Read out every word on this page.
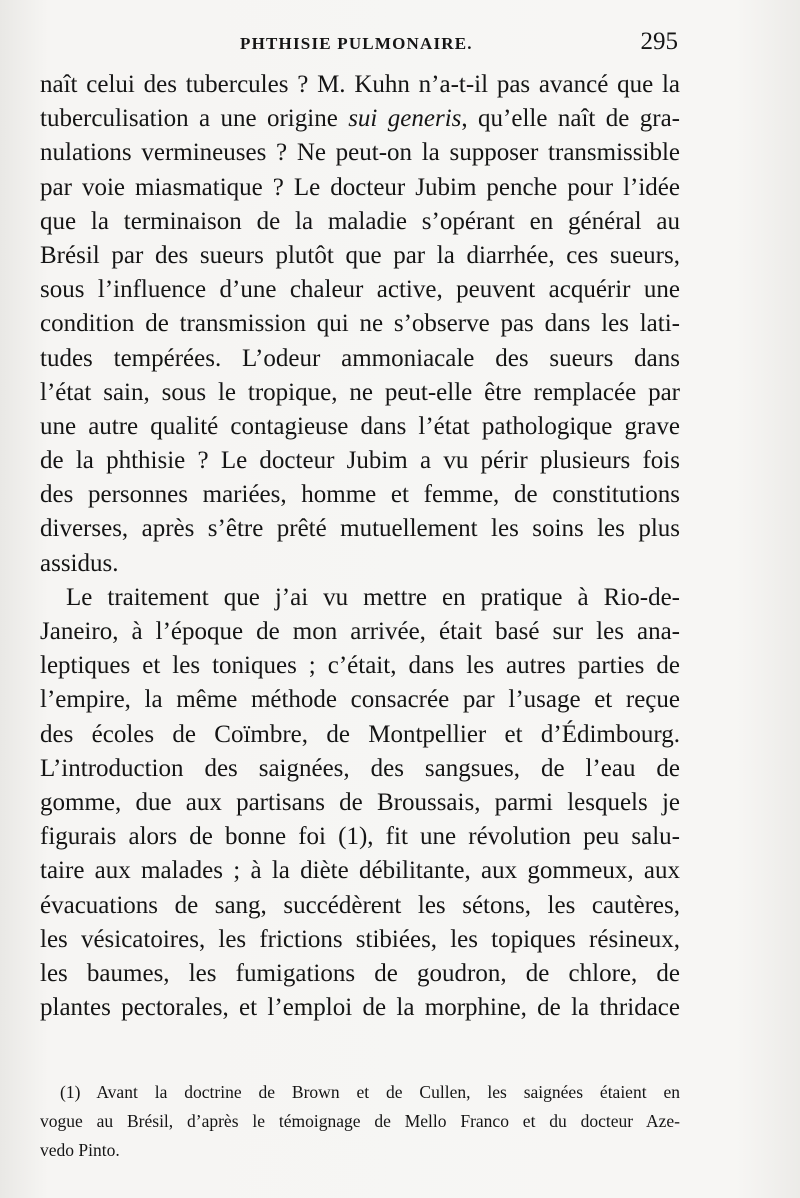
PHTHISIE PULMONAIRE.	295
naît celui des tubercules ? M. Kuhn n’a-t-il pas avancé que la
tuberculisation a une origine sui generis, qu’elle naît de gra-
nulations vermineuses ? Ne peut-on la supposer transmissible
par voie miasmatique ? Le docteur Jubim penche pour l’idée
que la terminaison de la maladie s’opérant en général au
Brésil par des sueurs plutôt que par la diarrhée, ces sueurs,
sous l’influence d’une chaleur active, peuvent acquérir une
condition de transmission qui ne s’observe pas dans les lati-
tudes tempérées. L’odeur ammoniacale des sueurs dans
l’état sain, sous le tropique, ne peut-elle être remplacée par
une autre qualité contagieuse dans l’état pathologique grave
de la phthisie ? Le docteur Jubim a vu périr plusieurs fois
des personnes mariées, homme et femme, de constitutions
diverses, après s’être prêté mutuellement les soins les plus
assidus.
Le traitement que j’ai vu mettre en pratique à Rio-de-
Janeiro, à l’époque de mon arrivée, était basé sur les ana-
leptiques et les toniques ; c’était, dans les autres parties de
l’empire, la même méthode consacrée par l’usage et reçue
des écoles de Coïmbre, de Montpellier et d’Édimbourg.
L’introduction des saignées, des sangsues, de l’eau de
gomme, due aux partisans de Broussais, parmi lesquels je
figurais alors de bonne foi (1), fit une révolution peu salu-
taire aux malades ; à la diète débilitante, aux gommeux, aux
évacuations de sang, succédèrent les sétons, les cautères,
les vésicatoires, les frictions stibiées, les topiques résineux,
les baumes, les fumigations de goudron, de chlore, de
plantes pectorales, et l’emploi de la morphine, de la thridace
(1) Avant la doctrine de Brown et de Cullen, les saignées étaient en
vogue au Brésil, d’après le témoignage de Mello Franco et du docteur Aze-
vedo Pinto.
